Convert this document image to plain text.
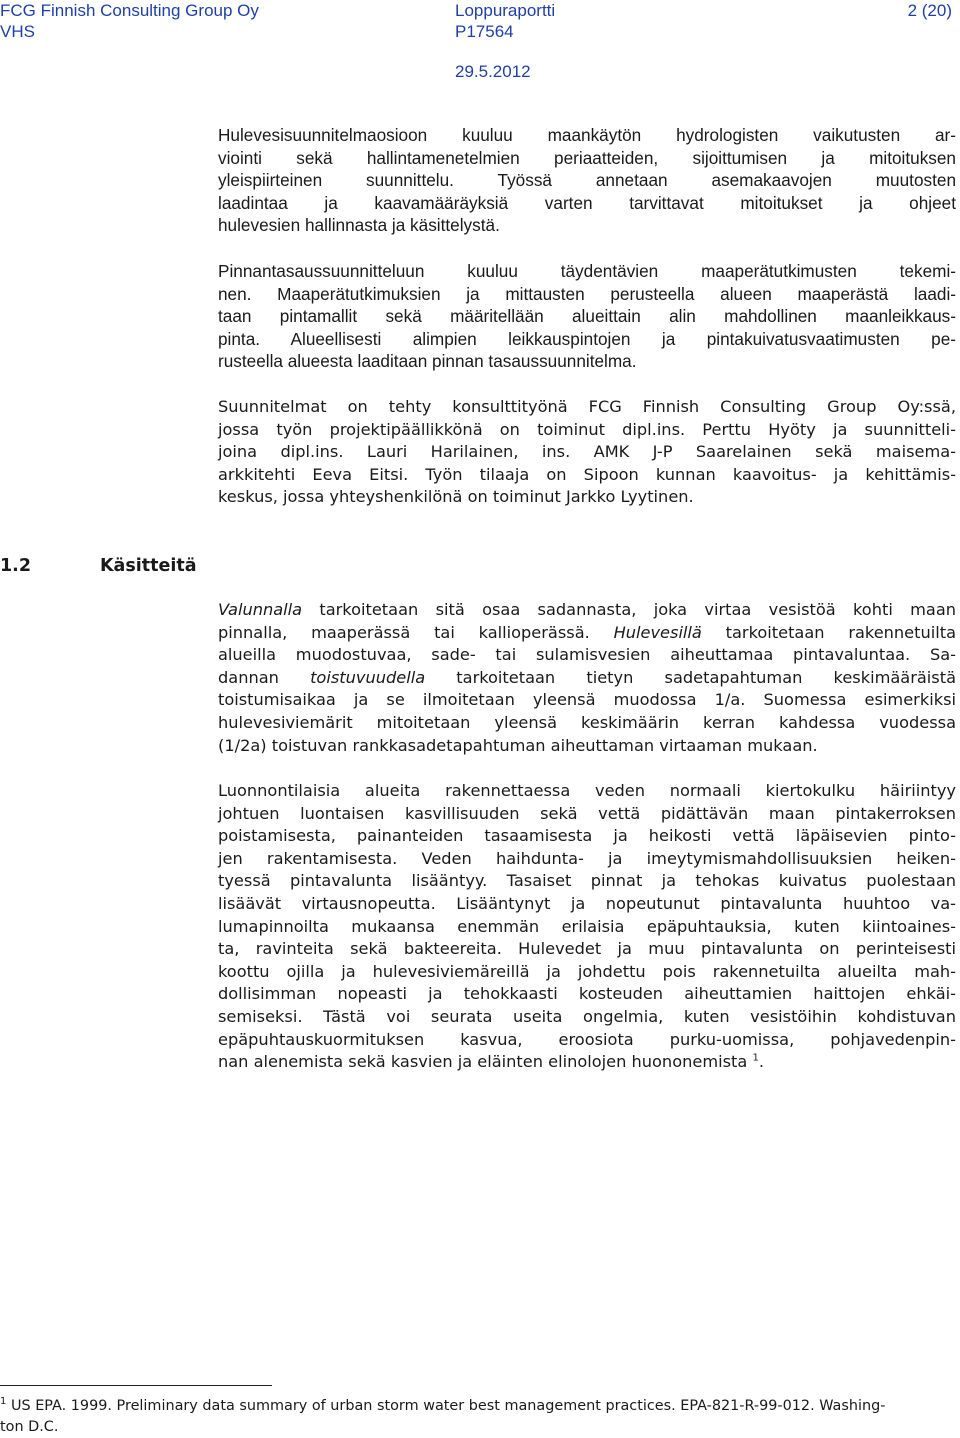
FCG Finnish Consulting Group Oy
VHS
Loppuraportti
P17564
29.5.2012
2 (20)

Hulevesisuunnitelmaosioon kuuluu maankäytön hydrologisten vaikutusten ar-
viointi sekä hallintamenetelmien periaatteiden, sijoittumisen ja mitoituksen
yleispiirteinen suunnittelu. Työssä annetaan asemakaavojen muutosten
laadintaa ja kaavamääräyksiä varten tarvittavat mitoitukset ja ohjeet
hulevesien hallinnasta ja käsittelystä.

Pinnantasaussuunnitteluun kuuluu täydentävien maaperätutkimusten tekemi-
nen. Maaperätutkimuksien ja mittausten perusteella alueen maaperästä laadi-
taan pintamallit sekä määritellään alueittain alin mahdollinen maanleikkaus-
pinta. Alueellisesti alimpien leikkauspintojen ja pintakuivatusvaatimusten pe-
rusteella alueesta laaditaan pinnan tasaussuunnitelma.

Suunnitelmat on tehty konsulttityönä FCG Finnish Consulting Group Oy:ssä,
jossa työn projektipäällikkönä on toiminut dipl.ins. Perttu Hyöty ja suunnitteli-
joina dipl.ins. Lauri Harilainen, ins. AMK J-P Saarelainen sekä maisema-
arkkitehti Eeva Eitsi. Työn tilaaja on Sipoon kunnan kaavoitus- ja kehittämis-
keskus, jossa yhteyshenkilönä on toiminut Jarkko Lyytinen.

1.2	Käsitteitä

Valunnalla tarkoitetaan sitä osaa sadannasta, joka virtaa vesistöä kohti maan
pinnalla, maaperässä tai kallioperässä. Hulevesillä tarkoitetaan rakennetuilta
alueilla muodostuvaa, sade- tai sulamisvesien aiheuttamaa pintavaluntaa. Sa-
dannan toistuvuudella tarkoitetaan tietyn sadetapahtuman keskimääräistä
toistumisaikaa ja se ilmoitetaan yleensä muodossa 1/a. Suomessa esimerkiksi
hulevesiviemärit mitoitetaan yleensä keskimäärin kerran kahdessa vuodessa
(1/2a) toistuvan rankkasadetapahtuman aiheuttaman virtaaman mukaan.

Luonnontilaisia alueita rakennettaessa veden normaali kiertokulku häiriintyy
johtuen luontaisen kasvillisuuden sekä vettä pidättävän maan pintakerroksen
poistamisesta, painanteiden tasaamisesta ja heikosti vettä läpäisevien pinto-
jen rakentamisesta. Veden haihdunta- ja imeytymismahdollisuuksien heiken-
tyessä pintavalunta lisääntyy. Tasaiset pinnat ja tehokas kuivatus puolestaan
lisäävät virtausnopeutta. Lisääntynyt ja nopeutunut pintavalunta huuhtoo va-
lumapinnoilta mukaansa enemmän erilaisia epäpuhtauksia, kuten kiintoaines-
ta, ravinteita sekä bakteereita. Hulevedet ja muu pintavalunta on perinteisesti
koottu ojilla ja hulevesiviemäreillä ja johdettu pois rakennetuilta alueilta mah-
dollisimman nopeasti ja tehokkaasti kosteuden aiheuttamien haittojen ehkäi-
semiseksi. Tästä voi seurata useita ongelmia, kuten vesistöihin kohdistuvan
epäpuhtauskuormituksen kasvua, eroosiota purku-uomissa, pohjavedenpin-
nan alenemista sekä kasvien ja eläinten elinolojen huononemista $^1$.

$^1$ US EPA. 1999. Preliminary data summary of urban storm water best management practices. EPA-821-R-99-012. Washing-
ton D.C.
